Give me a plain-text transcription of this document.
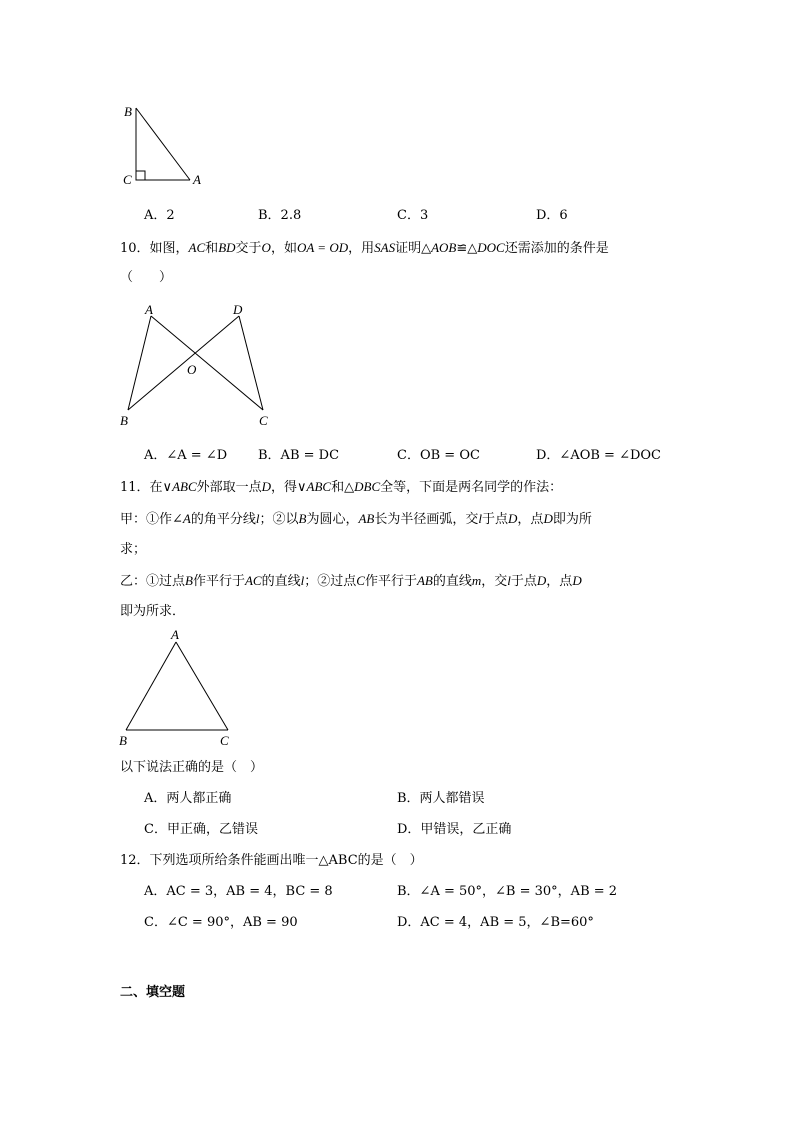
B
C	A
A．2	B．2.8	C．3	D．6
10．如图，AC和BD交于O，如OA = OD，用SAS证明△AOB≌△DOC还需添加的条件是
（　　）
A	D
O
B	C
A．∠A = ∠D B．AB = DC	C．OB = OC	D．∠AOB = ∠DOC
11．在∨ABC外部取一点D，得∨ABC和△DBC全等，下面是两名同学的作法：
甲：①作∠A的角平分线l；②以B为圆心，AB长为半径画弧，交l于点D，点D即为所
求；
乙：①过点B作平行于AC的直线l；②过点C作平行于AB的直线m，交l于点D，点D
即为所求．
A
B	C
以下说法正确的是（　）
A．两人都正确	B．两人都错误
C．甲正确，乙错误	D．甲错误，乙正确
12．下列选项所给条件能画出唯一△ABC的是（　）
A．AC = 3，AB = 4，BC = 8	B．∠A = 50°，∠B = 30°，AB = 2
C．∠C = 90°，AB = 90	D．AC = 4，AB = 5，∠B=60°
二、填空题
